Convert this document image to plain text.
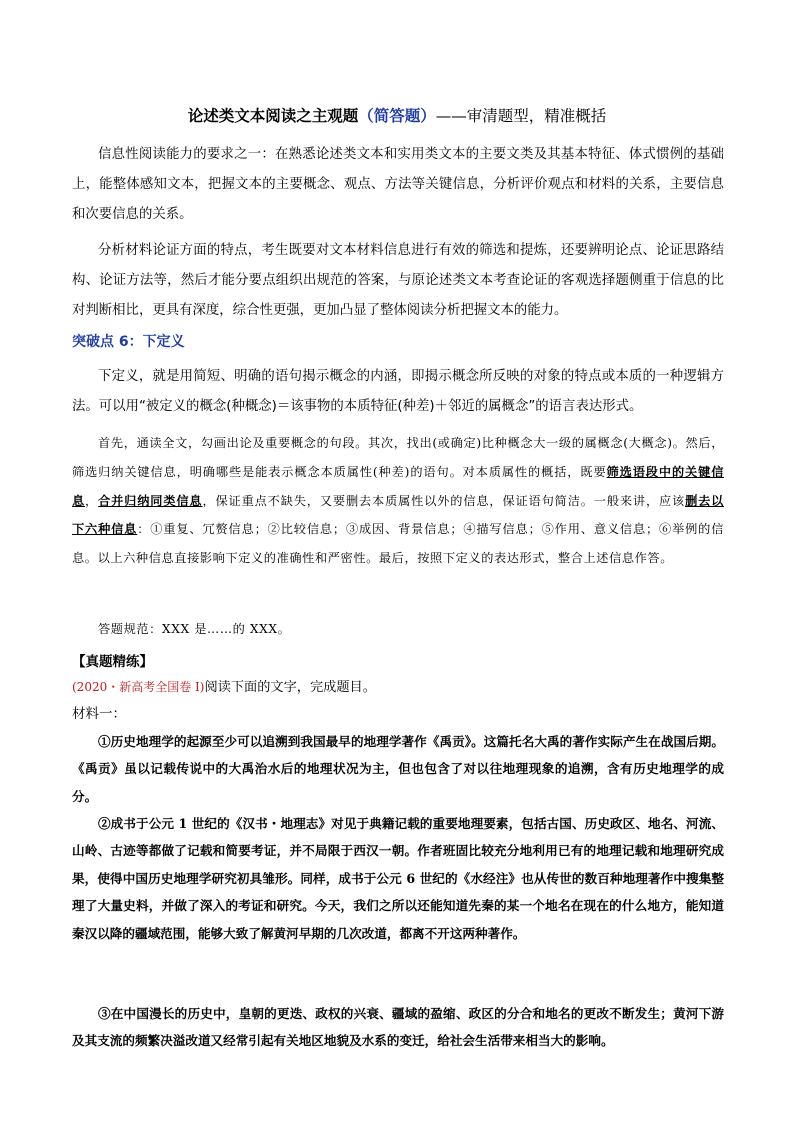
论述类文本阅读之主观题（简答题）——审清题型，精准概括

信息性阅读能力的要求之一：在熟悉论述类文本和实用类文本的主要文类及其基本特征、体式惯例的基础上，能整体感知文本，把握文本的主要概念、观点、方法等关键信息，分析评价观点和材料的关系，主要信息和次要信息的关系。

分析材料论证方面的特点，考生既要对文本材料信息进行有效的筛选和提炼，还要辨明论点、论证思路结构、论证方法等，然后才能分要点组织出规范的答案，与原论述类文本考查论证的客观选择题侧重于信息的比对判断相比，更具有深度，综合性更强，更加凸显了整体阅读分析把握文本的能力。

突破点 6：下定义

下定义，就是用简短、明确的语句揭示概念的内涵，即揭示概念所反映的对象的特点或本质的一种逻辑方法。可以用“被定义的概念(种概念)＝该事物的本质特征(种差)＋邻近的属概念”的语言表达形式。

首先，通读全文，勾画出论及重要概念的句段。其次，找出(或确定)比种概念大一级的属概念(大概念)。然后，筛选归纳关键信息，明确哪些是能表示概念本质属性(种差)的语句。对本质属性的概括，既要筛选语段中的关键信息，合并归纳同类信息，保证重点不缺失，又要删去本质属性以外的信息，保证语句简洁。一般来讲，应该删去以下六种信息：①重复、冗赘信息；②比较信息；③成因、背景信息；④描写信息；⑤作用、意义信息；⑥举例的信息。以上六种信息直接影响下定义的准确性和严密性。最后，按照下定义的表达形式，整合上述信息作答。

答题规范：XXX 是……的 XXX。

【真题精练】

(2020・新高考全国卷 I)阅读下面的文字，完成题目。

材料一：

①历史地理学的起源至少可以追溯到我国最早的地理学著作《禹贡》。这篇托名大禹的著作实际产生在战国后期。《禹贡》虽以记载传说中的大禹治水后的地理状况为主，但也包含了对以往地理现象的追溯，含有历史地理学的成分。

②成书于公元 1 世纪的《汉书・地理志》对见于典籍记载的重要地理要素，包括古国、历史政区、地名、河流、山岭、古迹等都做了记载和简要考证，并不局限于西汉一朝。作者班固比较充分地利用已有的地理记载和地理研究成果，使得中国历史地理学研究初具雏形。同样，成书于公元 6 世纪的《水经注》也从传世的数百种地理著作中搜集整理了大量史料，并做了深入的考证和研究。今天，我们之所以还能知道先秦的某一个地名在现在的什么地方，能知道秦汉以降的疆域范围，能够大致了解黄河早期的几次改道，都离不开这两种著作。

③在中国漫长的历史中，皇朝的更迭、政权的兴衰、疆域的盈缩、政区的分合和地名的更改不断发生；黄河下游及其支流的频繁决溢改道又经常引起有关地区地貌及水系的变迁，给社会生活带来相当大的影响。
